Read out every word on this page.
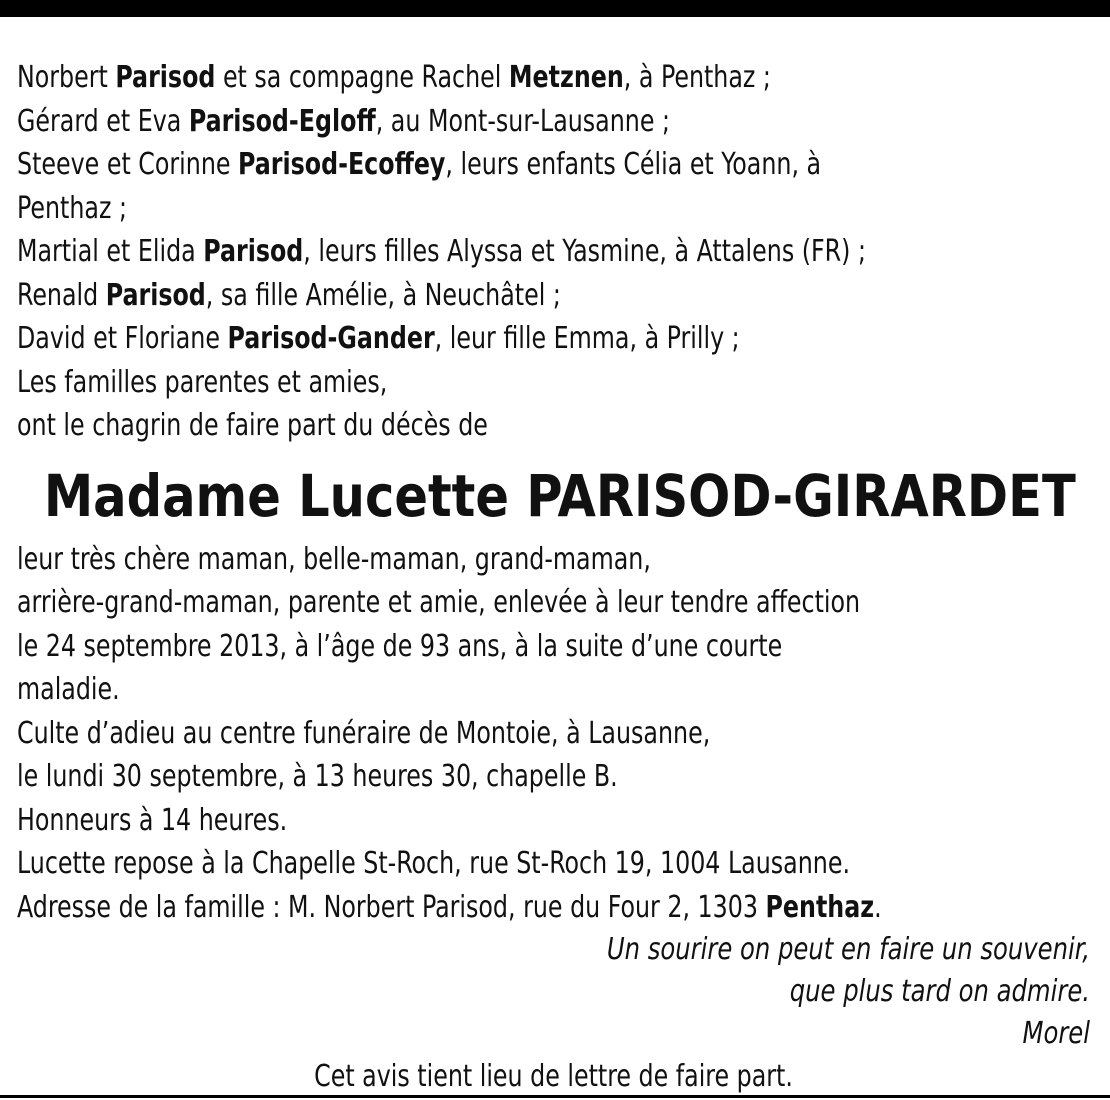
Norbert Parisod et sa compagne Rachel Metznen, à Penthaz ;
Gérard et Eva Parisod-Egloff, au Mont-sur-Lausanne ;
Steeve et Corinne Parisod-Ecoffey, leurs enfants Célia et Yoann, à
Penthaz ;
Martial et Elida Parisod, leurs filles Alyssa et Yasmine, à Attalens (FR) ;
Renald Parisod, sa fille Amélie, à Neuchâtel ;
David et Floriane Parisod-Gander, leur fille Emma, à Prilly ;
Les familles parentes et amies,
ont le chagrin de faire part du décès de
Madame Lucette PARISOD-GIRARDET
leur très chère maman, belle-maman, grand-maman,
arrière-grand-maman, parente et amie, enlevée à leur tendre affection
le 24 septembre 2013, à l’âge de 93 ans, à la suite d’une courte
maladie.
Culte d’adieu au centre funéraire de Montoie, à Lausanne,
le lundi 30 septembre, à 13 heures 30, chapelle B.
Honneurs à 14 heures.
Lucette repose à la Chapelle St-Roch, rue St-Roch 19, 1004 Lausanne.
Adresse de la famille : M. Norbert Parisod, rue du Four 2, 1303 Penthaz.
Un sourire on peut en faire un souvenir,
que plus tard on admire.
Morel
Cet avis tient lieu de lettre de faire part.
